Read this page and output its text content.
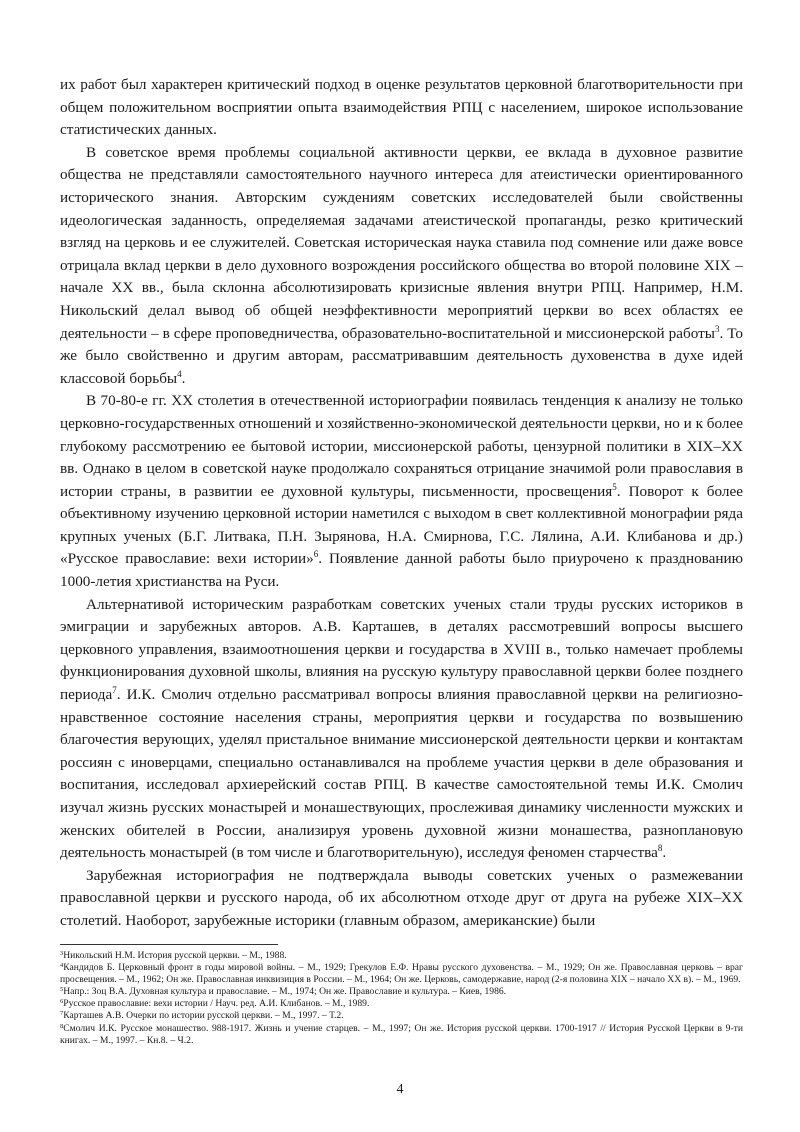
их работ был характерен критический подход в оценке результатов церковной благотворительности при общем положительном восприятии опыта взаимодействия РПЦ с населением, широкое использование статистических данных.

В советское время проблемы социальной активности церкви, ее вклада в духовное развитие общества не представляли самостоятельного научного интереса для атеистически ориентированного исторического знания. Авторским суждениям советских исследователей были свойственны идеологическая заданность, определяемая задачами атеистической пропаганды, резко критический взгляд на церковь и ее служителей. Советская историческая наука ставила под сомнение или даже вовсе отрицала вклад церкви в дело духовного возрождения российского общества во второй половине XIX – начале XX вв., была склонна абсолютизировать кризисные явления внутри РПЦ. Например, Н.М. Никольский делал вывод об общей неэффективности мероприятий церкви во всех областях ее деятельности – в сфере проповедничества, образовательно-воспитательной и миссионерской работы$^3$. То же было свойственно и другим авторам, рассматривавшим деятельность духовенства в духе идей классовой борьбы$^4$.

В 70-80-е гг. XX столетия в отечественной историографии появилась тенденция к анализу не только церковно-государственных отношений и хозяйственно-экономической деятельности церкви, но и к более глубокому рассмотрению ее бытовой истории, миссионерской работы, цензурной политики в XIX–XX вв. Однако в целом в советской науке продолжало сохраняться отрицание значимой роли православия в истории страны, в развитии ее духовной культуры, письменности, просвещения$^5$. Поворот к более объективному изучению церковной истории наметился с выходом в свет коллективной монографии ряда крупных ученых (Б.Г. Литвака, П.Н. Зырянова, Н.А. Смирнова, Г.С. Лялина, А.И. Клибанова и др.) «Русское православие: вехи истории»$^6$. Появление данной работы было приурочено к празднованию 1000-летия христианства на Руси.

Альтернативой историческим разработкам советских ученых стали труды русских историков в эмиграции и зарубежных авторов. А.В. Карташев, в деталях рассмотревший вопросы высшего церковного управления, взаимоотношения церкви и государства в XVIII в., только намечает проблемы функционирования духовной школы, влияния на русскую культуру православной церкви более позднего периода$^7$. И.К. Смолич отдельно рассматривал вопросы влияния православной церкви на религиозно-нравственное состояние населения страны, мероприятия церкви и государства по возвышению благочестия верующих, уделял пристальное внимание миссионерской деятельности церкви и контактам россиян с иноверцами, специально останавливался на проблеме участия церкви в деле образования и воспитания, исследовал архиерейский состав РПЦ. В качестве самостоятельной темы И.К. Смолич изучал жизнь русских монастырей и монашествующих, прослеживая динамику численности мужских и женских обителей в России, анализируя уровень духовной жизни монашества, разноплановую деятельность монастырей (в том числе и благотворительную), исследуя феномен старчества$^8$.

Зарубежная историография не подтверждала выводы советских ученых о размежевании православной церкви и русского народа, об их абсолютном отходе друг от друга на рубеже XIX–XX столетий. Наоборот, зарубежные историки (главным образом, американские) были

$^3$Никольский Н.М. История русской церкви. – М., 1988.

$^4$Кандидов Б. Церковный фронт в годы мировой войны. – М., 1929; Грекулов Е.Ф. Нравы русского духовенства. – М., 1929; Он же. Православная церковь – враг просвещения. – М., 1962; Он же. Православная инквизиция в России. – М., 1964; Он же. Церковь, самодержавие, народ (2-я половина XIX – начало XX в). – М., 1969.

$^5$Напр.: Зоц В.А. Духовная культура и православие. – М., 1974; Он же. Православие и культура. – Киев, 1986.

$^6$Русское православие: вехи истории / Науч. ред. А.И. Клибанов. – М., 1989.

$^7$Карташев А.В. Очерки по истории русской церкви. – М., 1997. – Т.2.

$^8$Смолич И.К. Русское монашество. 988-1917. Жизнь и учение старцев. – М., 1997; Он же. История русской церкви. 1700-1917 // История Русской Церкви в 9-ти книгах. – М., 1997. – Кн.8. – Ч.2.

4
